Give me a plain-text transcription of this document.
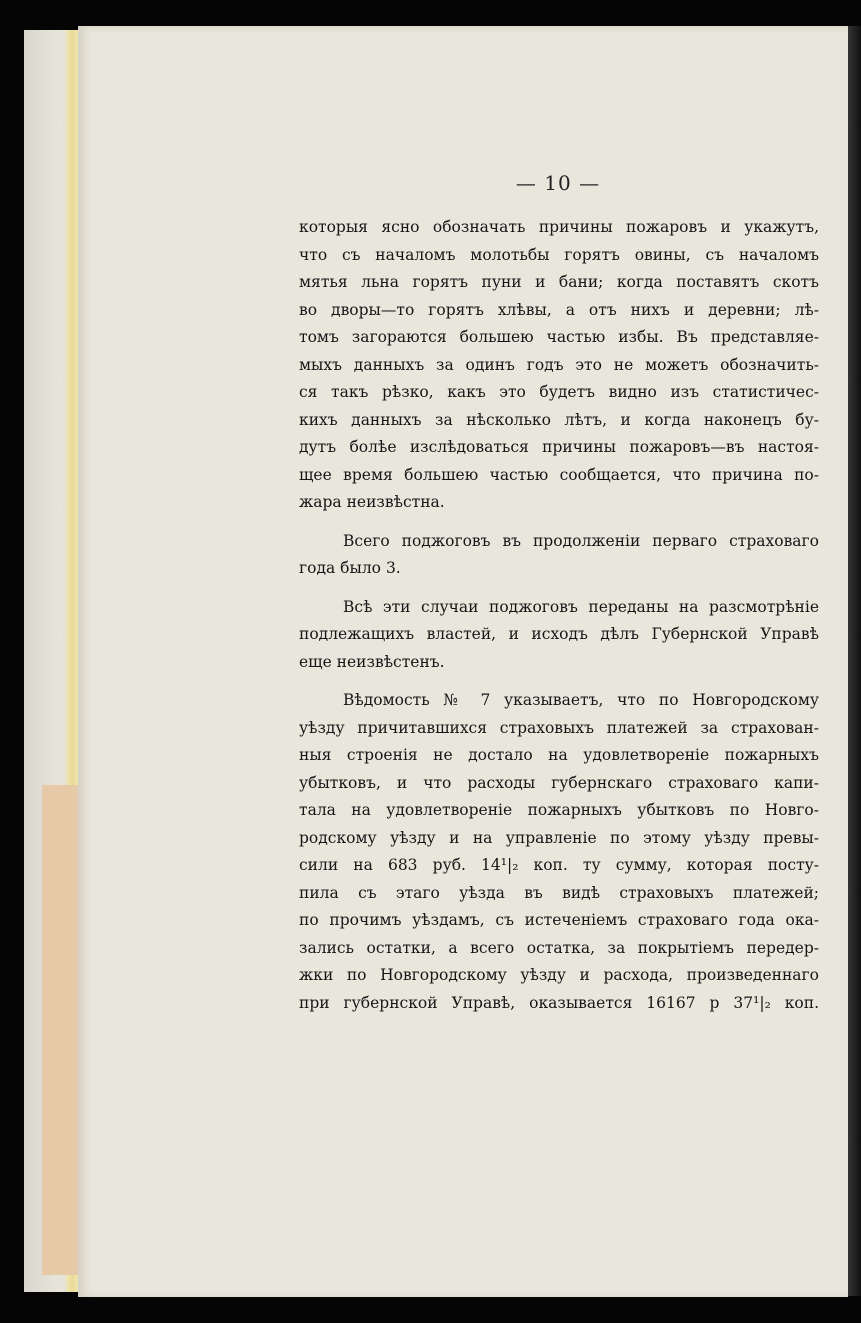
— 10 —
которыя ясно обозначать причины пожаровъ и укажутъ,
что съ началомъ молотьбы горятъ овины, съ началомъ
мятья льна горятъ пуни и бани; когда поставятъ скотъ
во дворы—то горятъ хлѣвы, а отъ нихъ и деревни; лѣ-
томъ загораются большею частью избы. Въ представляе-
мыхъ данныхъ за одинъ годъ это не можетъ обозначить-
ся такъ рѣзко, какъ это будетъ видно изъ статистичес-
кихъ данныхъ за нѣсколько лѣтъ, и когда наконецъ бу-
дутъ болѣе изслѣдоваться причины пожаровъ—въ настоя-
щее время большею частью сообщается, что причина по-
жара неизвѣстна.
Всего поджоговъ въ продолженіи перваго страховаго
года было 3.
Всѣ эти случаи поджоговъ переданы на разсмотрѣніе
подлежащихъ властей, и исходъ дѣлъ Губернской Управѣ
еще неизвѣстенъ.
Вѣдомость № 7 указываетъ, что по Новгородскому
уѣзду причитавшихся страховыхъ платежей за страхован-
ныя строенія не достало на удовлетвореніе пожарныхъ
убытковъ, и что расходы губернскаго страховаго капи-
тала на удовлетвореніе пожарныхъ убытковъ по Новго-
родскому уѣзду и на управленіе по этому уѣзду превы-
сили на 683 руб. 14¹|₂ коп. ту сумму, которая посту-
пила съ этаго уѣзда въ видѣ страховыхъ платежей;
по прочимъ уѣздамъ, съ истеченіемъ страховаго года ока-
зались остатки, а всего остатка, за покрытіемъ передер-
жки по Новгородскому уѣзду и расхода, произведеннаго
при губернской Управѣ, оказывается 16167 р 37¹|₂ коп.
